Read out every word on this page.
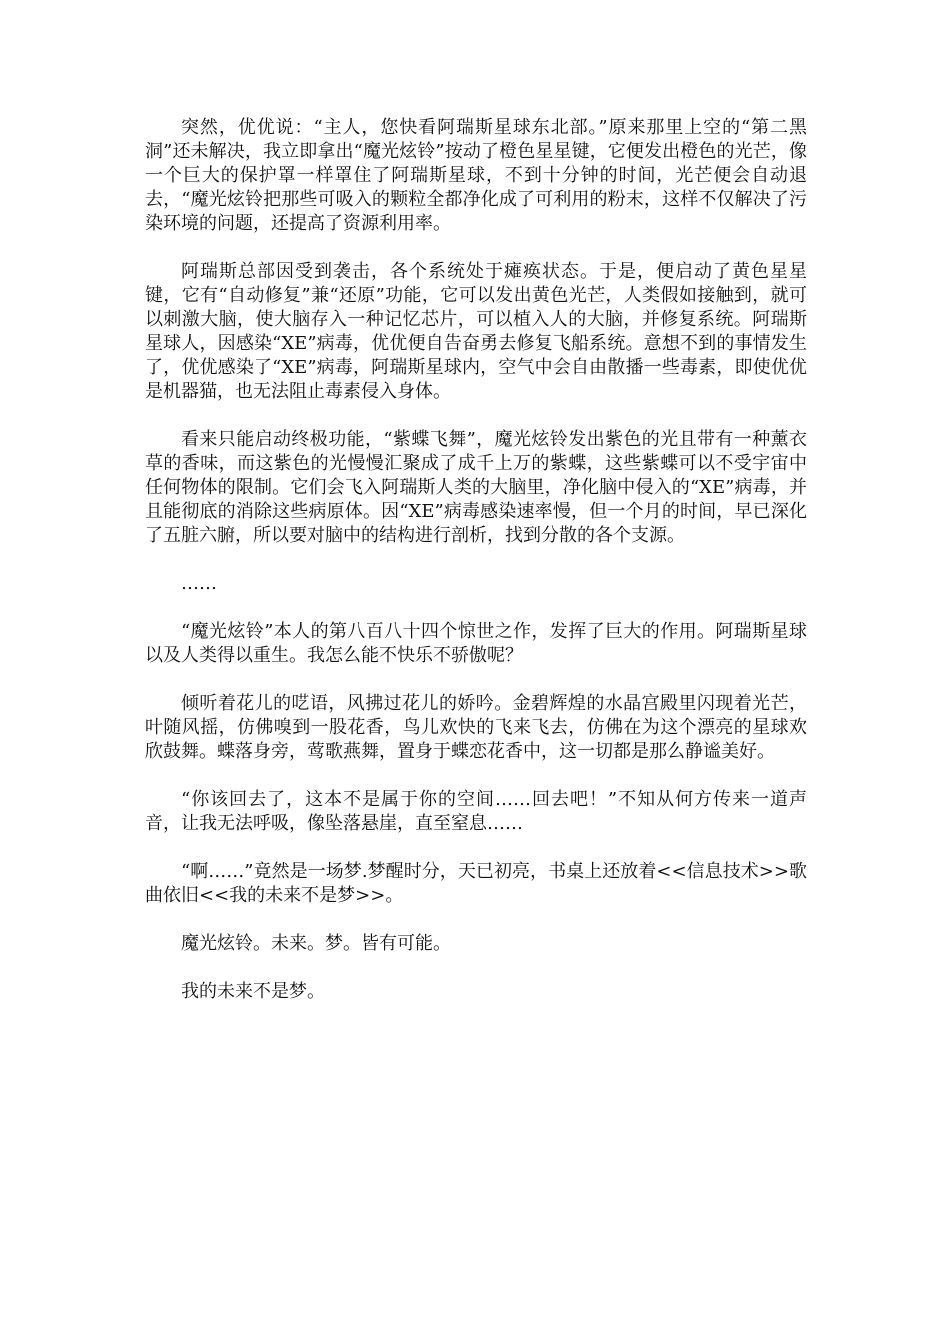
突然，优优说：“主人，您快看阿瑞斯星球东北部。”原来那里上空的“第二黑洞”还未解决，我立即拿出“魔光炫铃”按动了橙色星星键，它便发出橙色的光芒，像一个巨大的保护罩一样罩住了阿瑞斯星球，不到十分钟的时间，光芒便会自动退去，“魔光炫铃把那些可吸入的颗粒全都净化成了可利用的粉末，这样不仅解决了污染环境的问题，还提高了资源利用率。

阿瑞斯总部因受到袭击，各个系统处于瘫痪状态。于是，便启动了黄色星星键，它有“自动修复”兼“还原”功能，它可以发出黄色光芒，人类假如接触到，就可以刺激大脑，使大脑存入一种记忆芯片，可以植入人的大脑，并修复系统。阿瑞斯星球人，因感染“XE”病毒，优优便自告奋勇去修复飞船系统。意想不到的事情发生了，优优感染了“XE”病毒，阿瑞斯星球内，空气中会自由散播一些毒素，即使优优是机器猫，也无法阻止毒素侵入身体。

看来只能启动终极功能，“紫蝶飞舞”，魔光炫铃发出紫色的光且带有一种薰衣草的香味，而这紫色的光慢慢汇聚成了成千上万的紫蝶，这些紫蝶可以不受宇宙中任何物体的限制。它们会飞入阿瑞斯人类的大脑里，净化脑中侵入的“XE”病毒，并且能彻底的消除这些病原体。因“XE”病毒感染速率慢，但一个月的时间，早已深化了五脏六腑，所以要对脑中的结构进行剖析，找到分散的各个支源。

……

“魔光炫铃”本人的第八百八十四个惊世之作，发挥了巨大的作用。阿瑞斯星球以及人类得以重生。我怎么能不快乐不骄傲呢？

倾听着花儿的呓语，风拂过花儿的娇吟。金碧辉煌的水晶宫殿里闪现着光芒，叶随风摇，仿佛嗅到一股花香，鸟儿欢快的飞来飞去，仿佛在为这个漂亮的星球欢欣鼓舞。蝶落身旁，莺歌燕舞，置身于蝶恋花香中，这一切都是那么静谧美好。

“你该回去了，这本不是属于你的空间……回去吧！”不知从何方传来一道声音，让我无法呼吸，像坠落悬崖，直至窒息……

“啊……”竟然是一场梦.梦醒时分，天已初亮，书桌上还放着<<信息技术>>歌曲依旧<<我的未来不是梦>>。

魔光炫铃。未来。梦。皆有可能。

我的未来不是梦。
